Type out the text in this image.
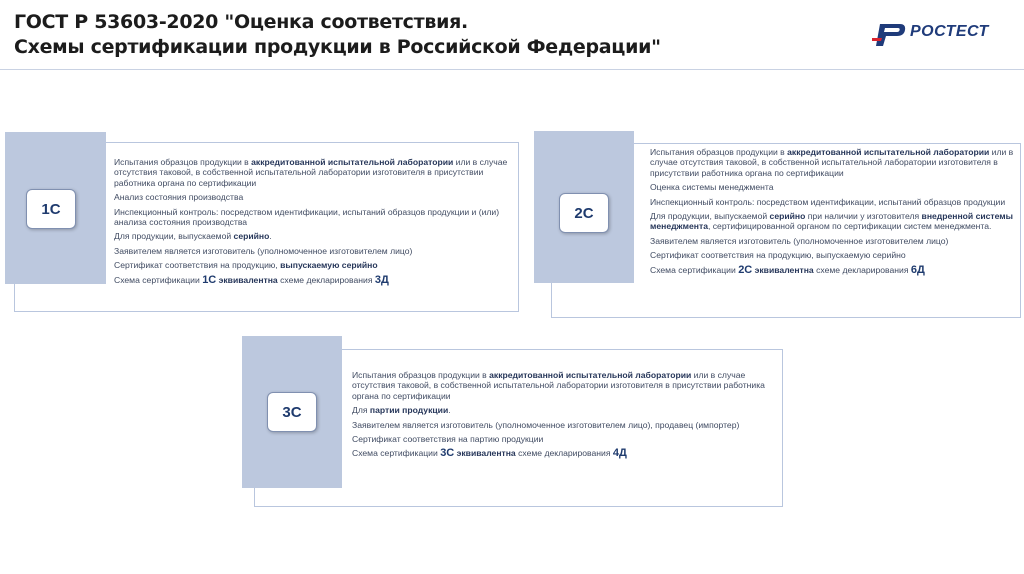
ГОСТ Р 53603-2020 "Оценка соответствия.
Схемы сертификации продукции в Российской Федерации"
РОСТЕСТ
1С

Испытания образцов продукции в аккредитованной испытательной лаборатории или в случае отсутствия таковой, в собственной испытательной лаборатории изготовителя в присутствии работника органа по сертификации

Анализ состояния производства

Инспекционный контроль: посредством идентификации, испытаний образцов продукции и (или) анализа состояния производства

Для продукции, выпускаемой серийно.

Заявителем является изготовитель (уполномоченное изготовителем лицо)

Сертификат соответствия на продукцию, выпускаемую серийно

Схема сертификации 1С эквивалентна схеме декларирования 3Д

2С

Испытания образцов продукции в аккредитованной испытательной лаборатории или в случае отсутствия таковой, в собственной испытательной лаборатории изготовителя в присутствии работника органа по сертификации

Оценка системы менеджмента

Инспекционный контроль: посредством идентификации, испытаний образцов продукции

Для продукции, выпускаемой серийно при наличии у изготовителя внедренной системы менеджмента, сертифицированной органом по сертификации систем менеджмента.

Заявителем является изготовитель (уполномоченное изготовителем лицо)

Сертификат соответствия на продукцию, выпускаемую серийно

Схема сертификации 2С эквивалентна схеме декларирования 6Д

3С

Испытания образцов продукции в аккредитованной испытательной лаборатории или в случае отсутствия таковой, в собственной испытательной лаборатории изготовителя в присутствии работника органа по сертификации

Для партии продукции.

Заявителем является изготовитель (уполномоченное изготовителем лицо), продавец (импортер)

Сертификат соответствия на партию продукции

Схема сертификации 3С эквивалентна схеме декларирования 4Д
